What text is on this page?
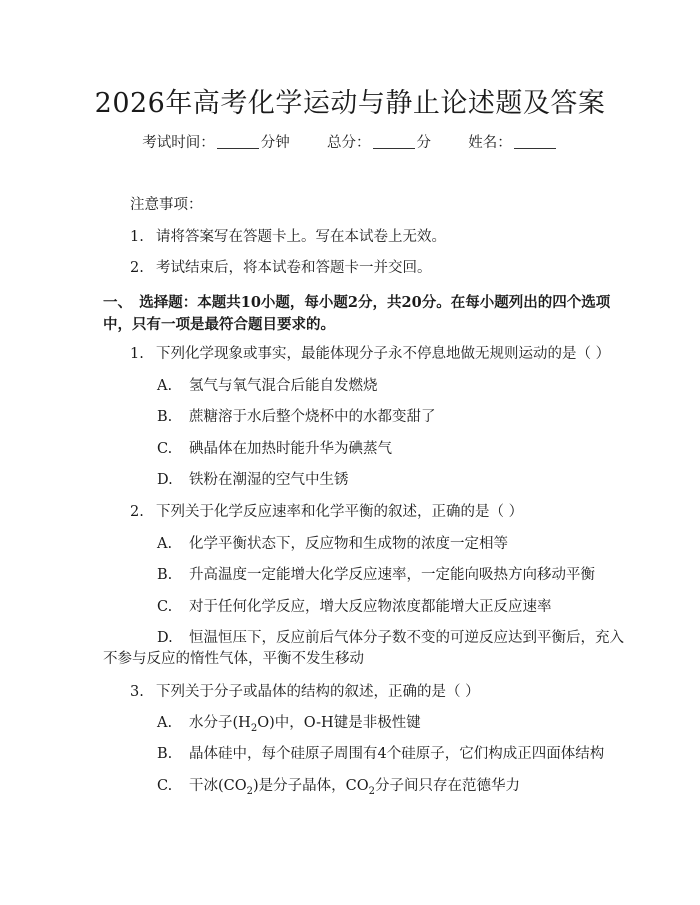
2026年高考化学运动与静止论述题及答案
考试时间：	分钟	总分：	分	姓名：
注意事项：
1. 请将答案写在答题卡上。写在本试卷上无效。
2. 考试结束后，将本试卷和答题卡一并交回。
一、　选择题：本题共10小题，每小题2分，共20分。在每小题列出的四个选项
中，只有一项是最符合题目要求的。
1. 下列化学现象或事实，最能体现分子永不停息地做无规则运动的是（ ）
A. 氢气与氧气混合后能自发燃烧
B. 蔗糖溶于水后整个烧杯中的水都变甜了
C. 碘晶体在加热时能升华为碘蒸气
D. 铁粉在潮湿的空气中生锈
2. 下列关于化学反应速率和化学平衡的叙述，正确的是（ ）
A. 化学平衡状态下，反应物和生成物的浓度一定相等
B. 升高温度一定能增大化学反应速率，一定能向吸热方向移动平衡
C. 对于任何化学反应，增大反应物浓度都能增大正反应速率
D. 恒温恒压下，反应前后气体分子数不变的可逆反应达到平衡后，充入
不参与反应的惰性气体，平衡不发生移动
3. 下列关于分子或晶体的结构的叙述，正确的是（ ）
A. 水分子$(H_2O)$中，O-H键是非极性键
B. 晶体硅中，每个硅原子周围有4个硅原子，它们构成正四面体结构
C. 干冰$(CO_2)$是分子晶体，$CO_2$分子间只存在范德华力
